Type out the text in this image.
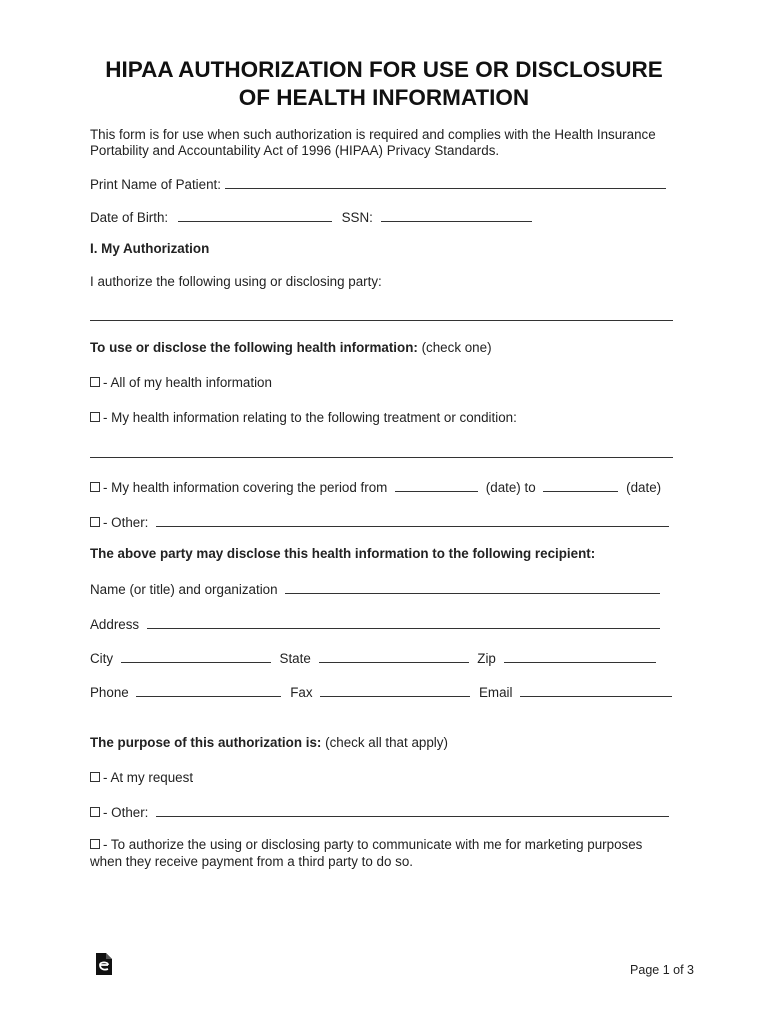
HIPAA AUTHORIZATION FOR USE OR DISCLOSURE
OF HEALTH INFORMATION
This form is for use when such authorization is required and complies with the Health Insurance
Portability and Accountability Act of 1996 (HIPAA) Privacy Standards.
Print Name of Patient:
Date of Birth:	SSN:
I. My Authorization
I authorize the following using or disclosing party:
To use or disclose the following health information: (check one)
- All of my health information
- My health information relating to the following treatment or condition:
- My health information covering the period from	(date) to	(date)
- Other:
The above party may disclose this health information to the following recipient:
Name (or title) and organization
Address
City	State	Zip
Phone	Fax	Email
The purpose of this authorization is: (check all that apply)
- At my request
- Other:
- To authorize the using or disclosing party to communicate with me for marketing purposes
when they receive payment from a third party to do so.
Page 1 of 3
